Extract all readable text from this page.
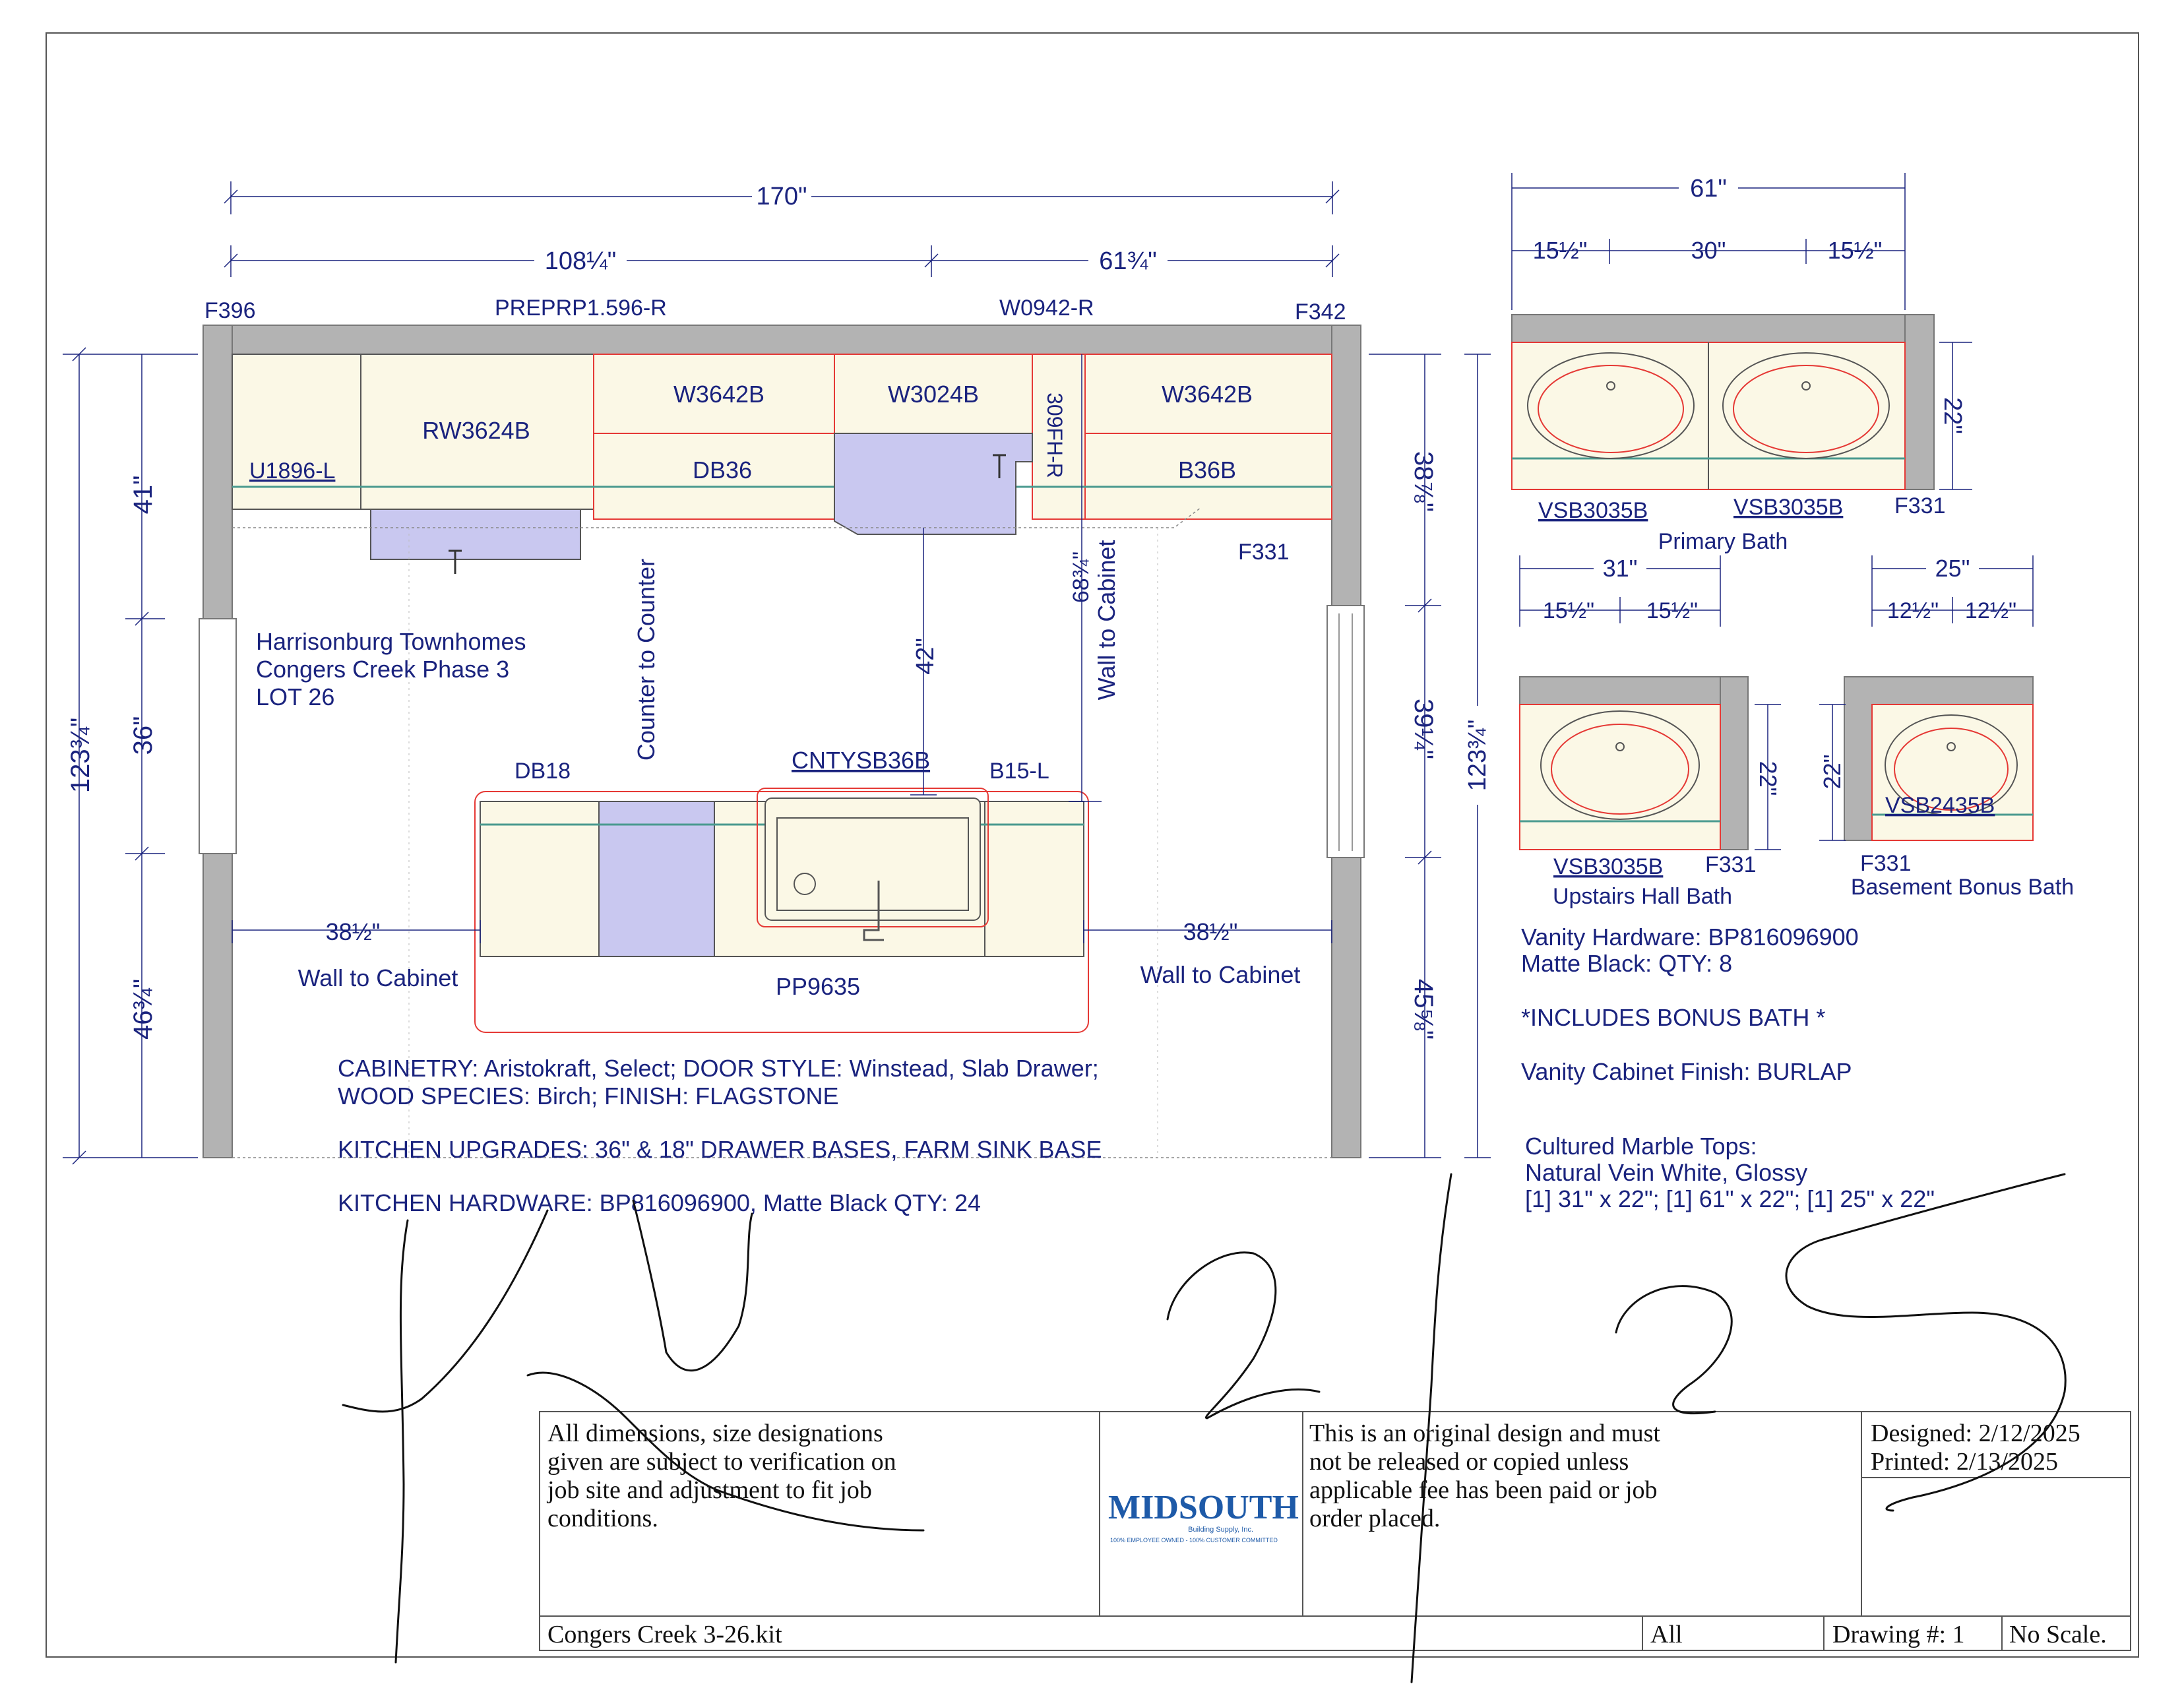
170"
108¼"	61¾"
123¾"
41"
36"
46¾"
38⅞"
39¼"
45⅝"
42"
68¾"
38½"	38½"
F396	PREPRP1.596-R	W0942-R	F342
RW3624B
U1896-L
W3642B	W3024B	W3642B
DB36	B36B
309FH-R
F331
Counter to Counter	Wall to Cabinet
DB18	CNTYSB36B	B15-L
PP9635
Wall to Cabinet	Wall to Cabinet
Harrisonburg Townhomes
Congers Creek Phase 3
LOT 26
CABINETRY: Aristokraft, Select; DOOR STYLE: Winstead, Slab Drawer;
WOOD SPECIES: Birch; FINISH: FLAGSTONE
KITCHEN UPGRADES: 36" & 18" DRAWER BASES, FARM SINK BASE
KITCHEN HARDWARE: BP816096900, Matte Black QTY: 24
61"
15½"	30"	15½"
22"
VSB3035B	VSB3035B F331
Primary Bath
31"
15½" 15½"
22"
VSB3035B F331
Upstairs Hall Bath
25"
12½" 12½"
22"
VSB2435B
F331
Basement Bonus Bath
123¾"
Vanity Hardware: BP816096900
Matte Black: QTY: 8
*INCLUDES BONUS BATH *
Vanity Cabinet Finish: BURLAP
Cultured Marble Tops:
Natural Vein White, Glossy
[1] 31" x 22"; [1] 61" x 22"; [1] 25" x 22"
All dimensions, size designations
given are subject to verification on
job site and adjustment to fit job
conditions.	MIDSOUTH
Building Supply, Inc.
100% EMPLOYEE OWNED - 100% CUSTOMER COMMITTED
This is an original design and must
not be released or copied unless
applicable fee has been paid or job
order placed.
Designed: 2/12/2025
Printed: 2/13/2025
Congers Creek 3-26.kit	All	Drawing #: 1 No Scale.
